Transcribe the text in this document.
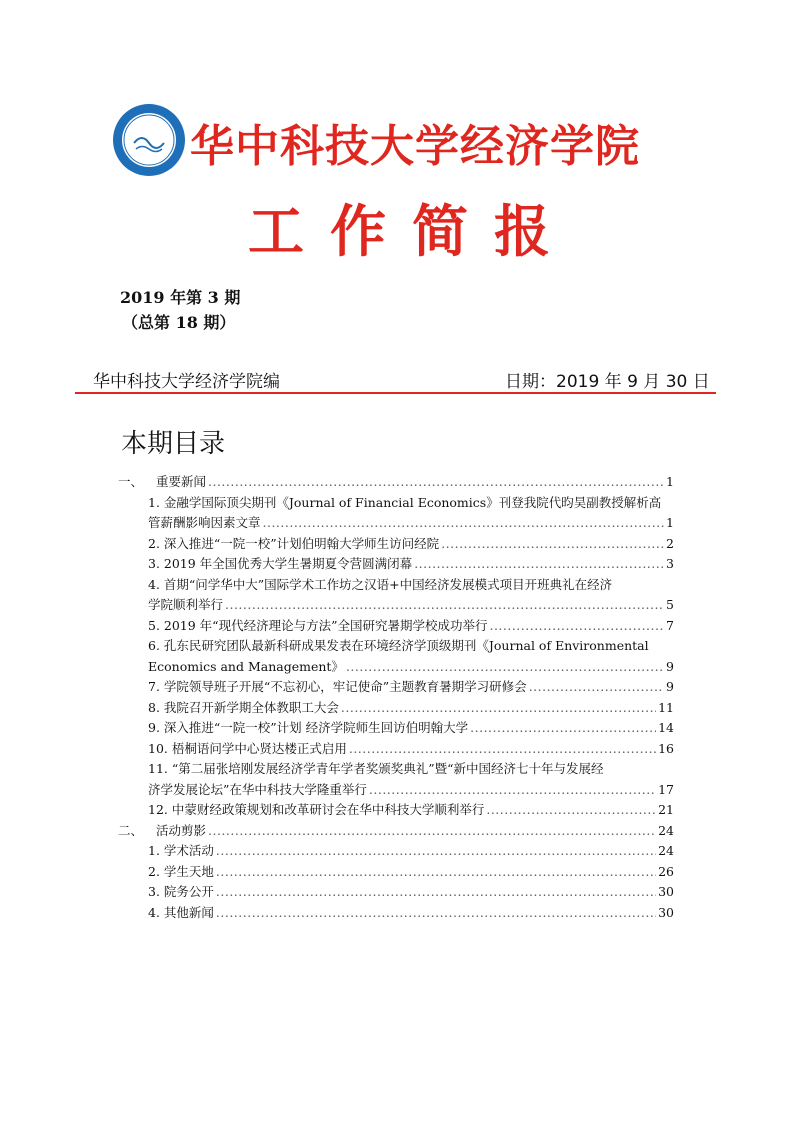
华中科技大学经济学院
工作简报
2019 年第 3 期
（总第 18 期）
华中科技大学经济学院编	日期：2019 年 9 月 30 日
本期目录
一、	重要新闻 .....	1
1. 金融学国际顶尖期刊《Journal of Financial Economics》刊登我院代昀昊副教授解析高
管薪酬影响因素文章 .....	1
2. 深入推进“一院一校”计划伯明翰大学师生访问经院 .....	2
3. 2019 年全国优秀大学生暑期夏令营圆满闭幕 .....	3
4. 首期“问学华中大”国际学术工作坊之汉语+中国经济发展模式项目开班典礼在经济
学院顺利举行 .....	5
5. 2019 年“现代经济理论与方法”全国研究暑期学校成功举行 .....	7
6. 孔东民研究团队最新科研成果发表在环境经济学顶级期刊《Journal of Environmental
Economics and Management》 .....	9
7. 学院领导班子开展“不忘初心，牢记使命”主题教育暑期学习研修会 .....	9
8. 我院召开新学期全体教职工大会 .....	11
9. 深入推进“一院一校”计划 经济学院师生回访伯明翰大学 .....	14
10. 梧桐语问学中心贤达楼正式启用 .....	16
11. “第二届张培刚发展经济学青年学者奖颁奖典礼”暨“新中国经济七十年与发展经
济学发展论坛”在华中科技大学隆重举行 .....	17
12. 中蒙财经政策规划和改革研讨会在华中科技大学顺利举行 .....	21
二、	活动剪影 .....	24
1. 学术活动 .....	24
2. 学生天地 .....	26
3. 院务公开 .....	30
4. 其他新闻 .....	30
